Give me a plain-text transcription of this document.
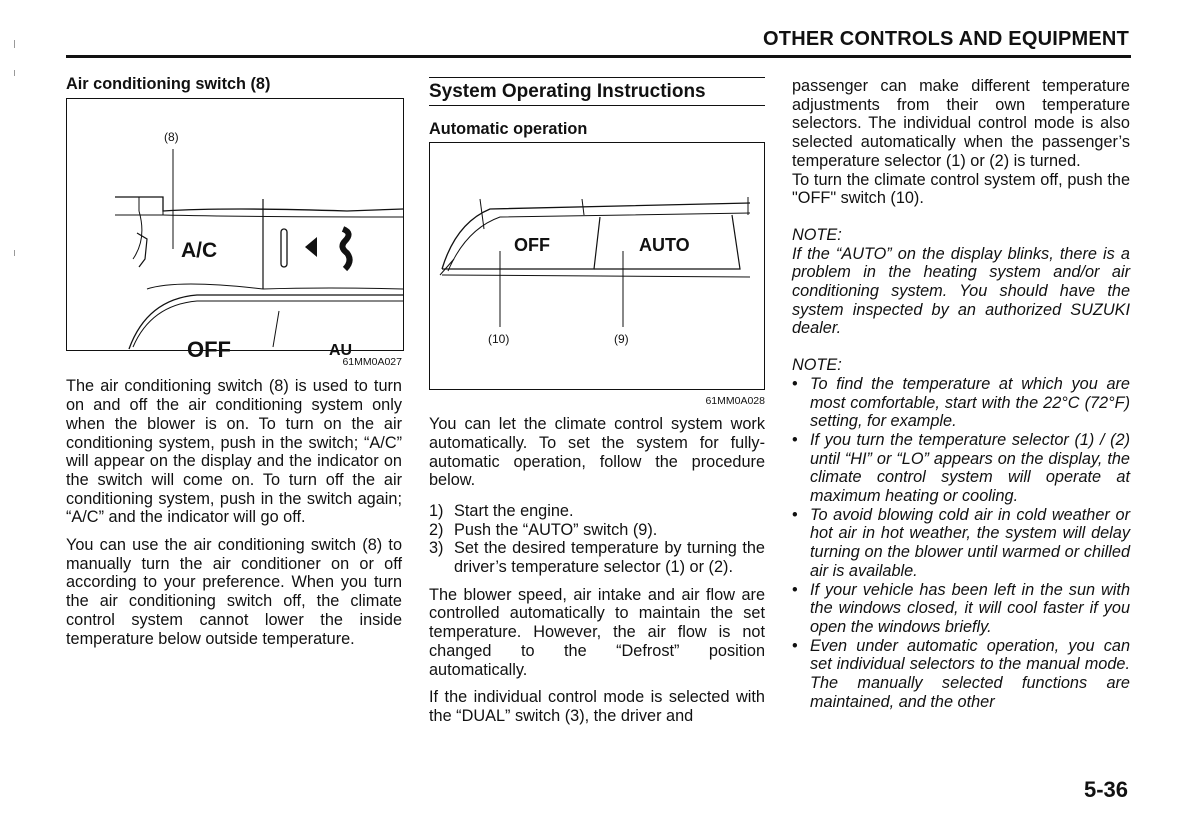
OTHER CONTROLS AND EQUIPMENT
Air conditioning switch (8)
(8)
A/C
OFF	AU
61MM0A027

The air conditioning switch (8) is used to turn on and off the air conditioning system only when the blower is on. To turn on the air conditioning system, push in the switch; “A/C” will appear on the display and the indicator on the switch will come on. To turn off the air conditioning system, push in the switch again; “A/C” and the indicator will go off.

You can use the air conditioning switch (8) to manually turn the air conditioner on or off according to your preference. When you turn the air conditioning switch off, the climate control system cannot lower the inside temperature below outside temperature.

System Operating Instructions
Automatic operation
OFF	AUTO
(10)	(9)
61MM0A028

You can let the climate control system work automatically. To set the system for fully-automatic operation, follow the procedure below.

1) Start the engine.
2) Push the “AUTO” switch (9).
3) Set the desired temperature by turning the driver’s temperature selector (1) or (2).

The blower speed, air intake and air flow are controlled automatically to maintain the set temperature. However, the air flow is not changed to the “Defrost” position automatically.

If the individual control mode is selected with the “DUAL” switch (3), the driver and

passenger can make different temperature adjustments from their own temperature selectors. The individual control mode is also selected automatically when the passenger’s temperature selector (1) or (2) is turned.

To turn the climate control system off, push the "OFF" switch (10).

NOTE:

If the “AUTO” on the display blinks, there is a problem in the heating system and/or air conditioning system. You should have the system inspected by an authorized SUZUKI dealer.

NOTE:
• To find the temperature at which you are most comfortable, start with the 22°C (72°F) setting, for example.
• If you turn the temperature selector (1) / (2) until “HI” or “LO” appears on the display, the climate control system will operate at maximum heating or cooling.
• To avoid blowing cold air in cold weather or hot air in hot weather, the system will delay turning on the blower until warmed or chilled air is available.
• If your vehicle has been left in the sun with the windows closed, it will cool faster if you open the windows briefly.
• Even under automatic operation, you can set individual selectors to the manual mode. The manually selected functions are maintained, and the other
5-36
